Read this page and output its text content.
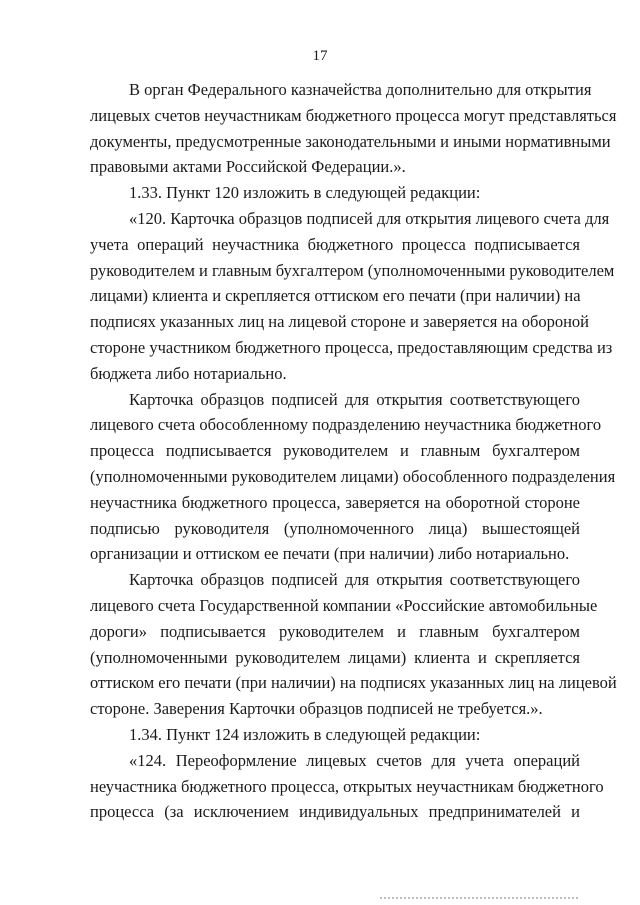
17

В орган Федерального казначейства дополнительно для открытия
лицевых счетов неучастникам бюджетного процесса могут представляться
документы, предусмотренные законодательными и иными нормативными
правовыми актами Российской Федерации.».

1.33. Пункт 120 изложить в следующей редакции:

«120. Карточка образцов подписей для открытия лицевого счета для
учета операций неучастника бюджетного процесса подписывается
руководителем и главным бухгалтером (уполномоченными руководителем
лицами) клиента и скрепляется оттиском его печати (при наличии) на
подписях указанных лиц на лицевой стороне и заверяется на обороной
стороне участником бюджетного процесса, предоставляющим средства из
бюджета либо нотариально.

Карточка образцов подписей для открытия соответствующего
лицевого счета обособленному подразделению неучастника бюджетного
процесса подписывается руководителем и главным бухгалтером
(уполномоченными руководителем лицами) обособленного подразделения
неучастника бюджетного процесса, заверяется на оборотной стороне
подписью руководителя (уполномоченного лица) вышестоящей
организации и оттиском ее печати (при наличии) либо нотариально.

Карточка образцов подписей для открытия соответствующего
лицевого счета Государственной компании «Российские автомобильные
дороги» подписывается руководителем и главным бухгалтером
(уполномоченными руководителем лицами) клиента и скрепляется
оттиском его печати (при наличии) на подписях указанных лиц на лицевой
стороне. Заверения Карточки образцов подписей не требуется.».

1.34. Пункт 124 изложить в следующей редакции:

«124. Переоформление лицевых счетов для учета операций
неучастника бюджетного процесса, открытых неучастникам бюджетного
процесса (за исключением индивидуальных предпринимателей и
